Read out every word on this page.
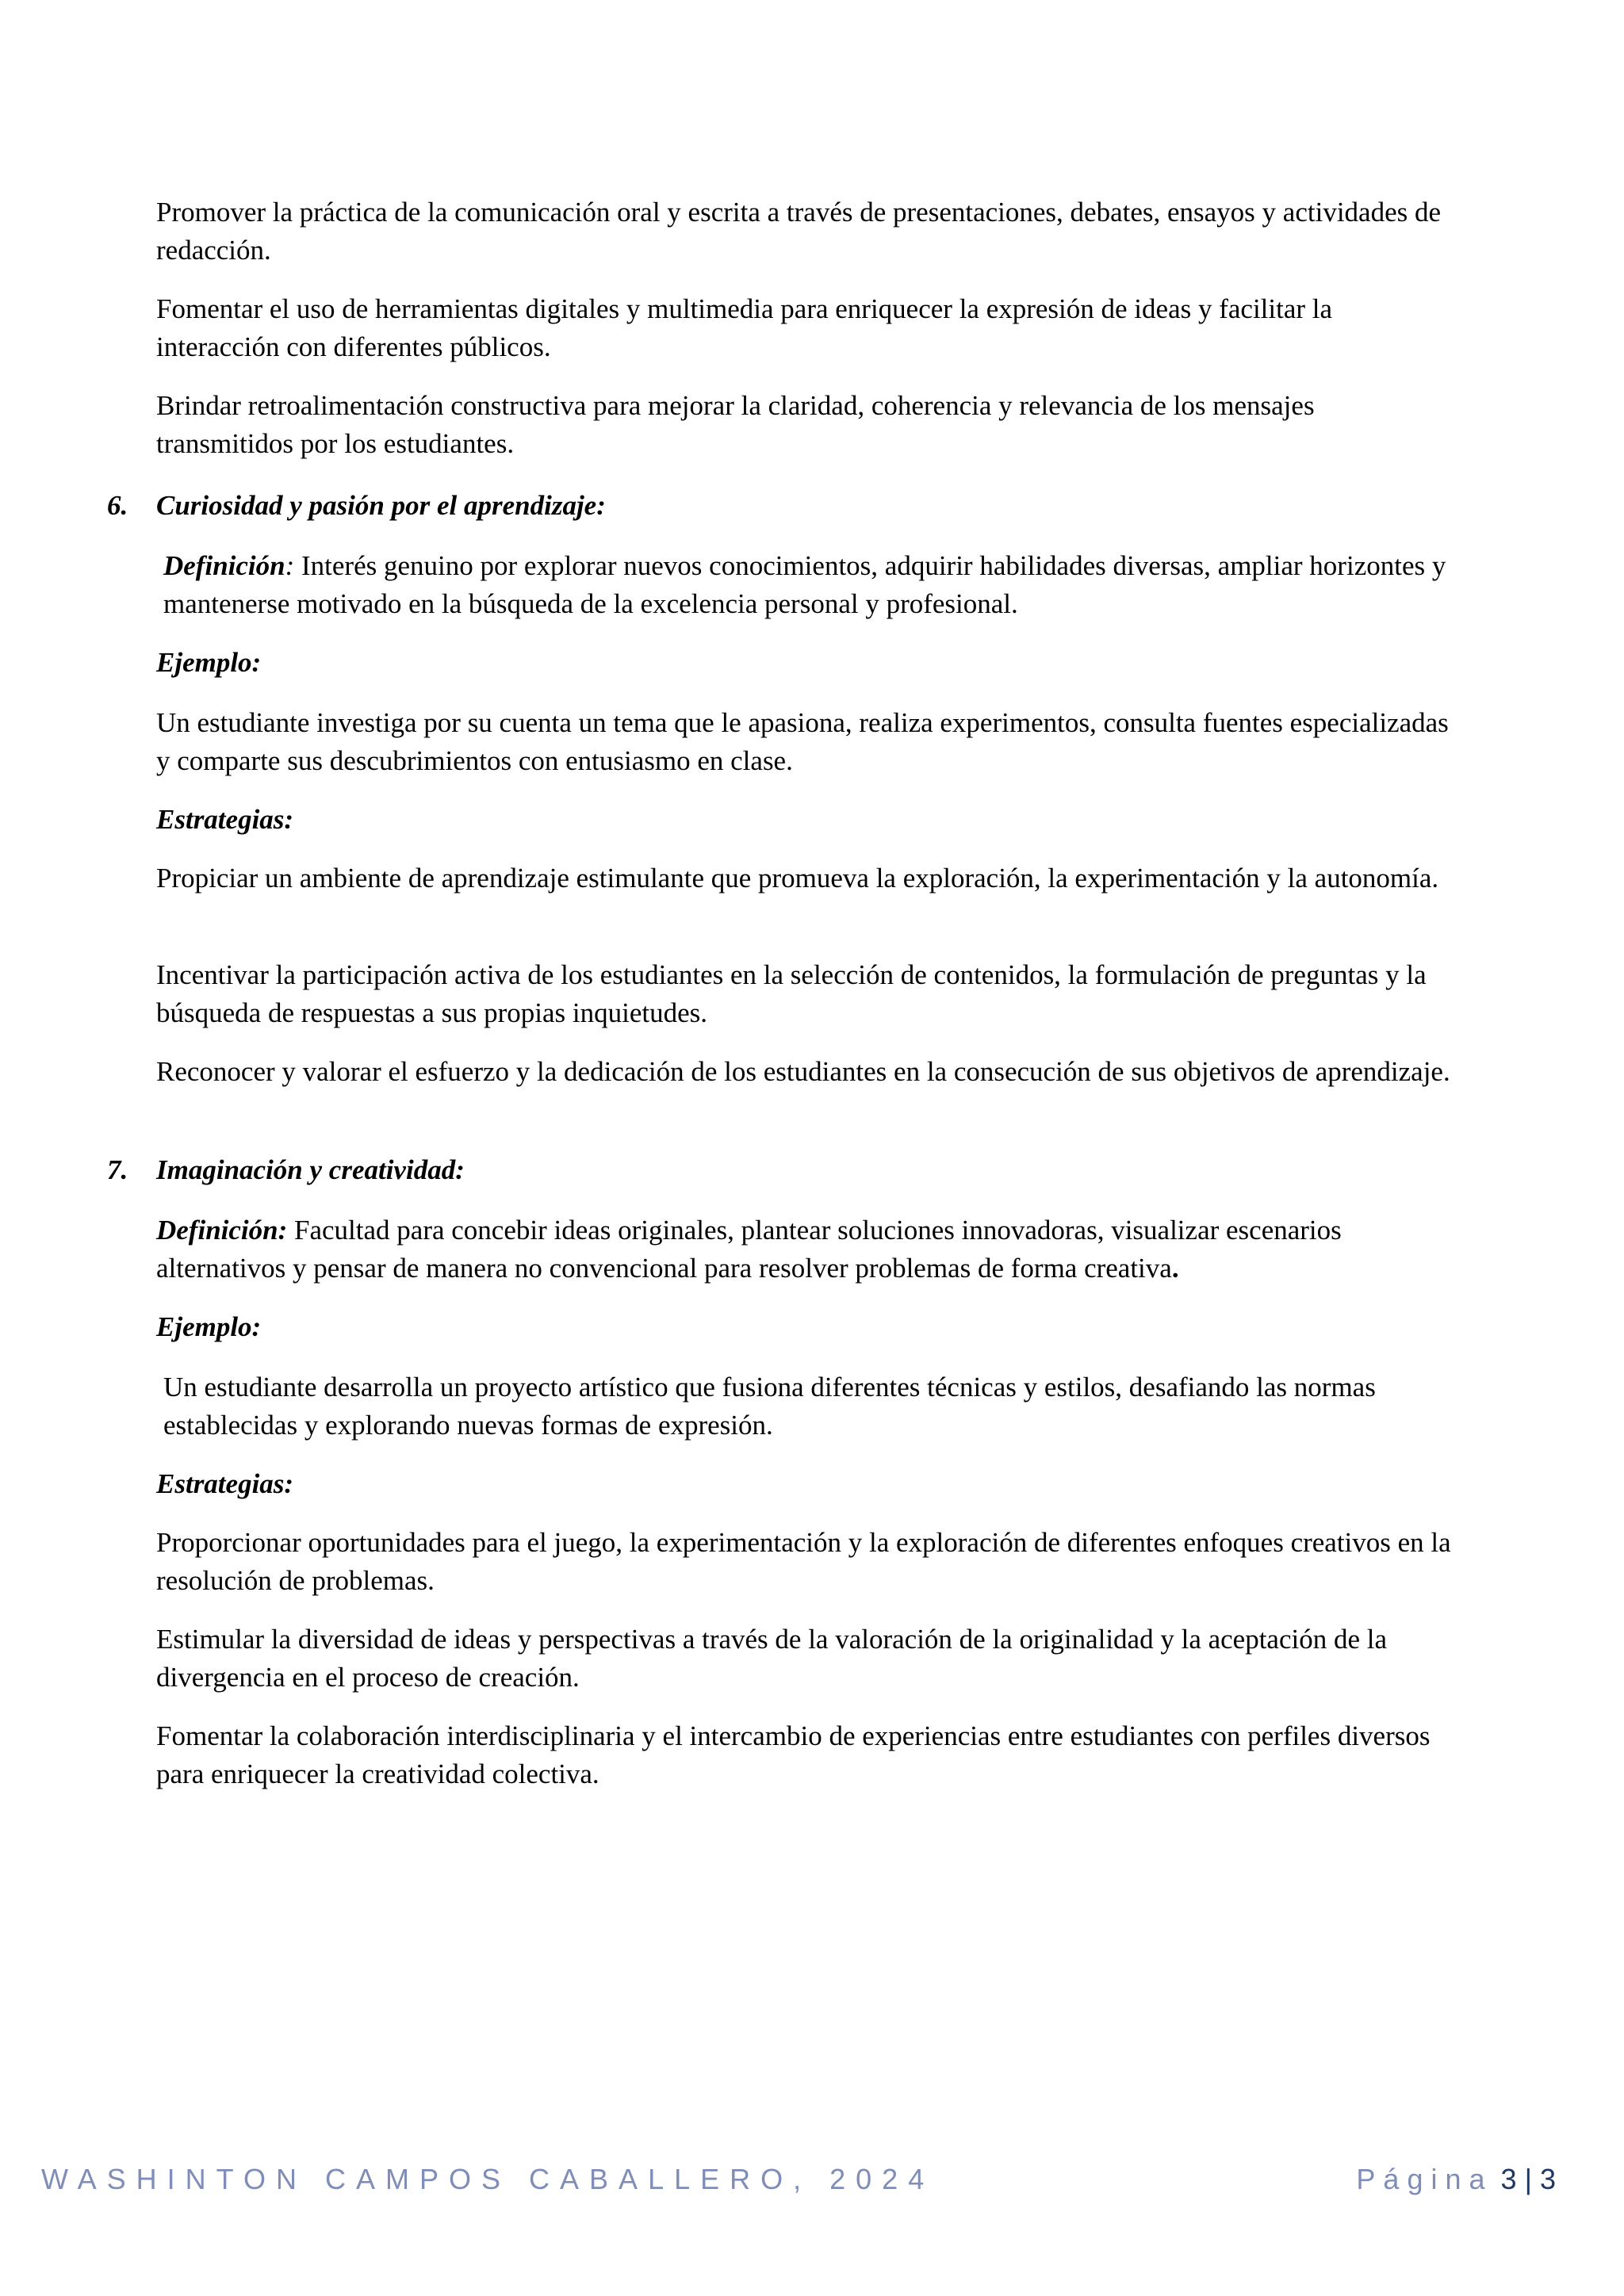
Promover la práctica de la comunicación oral y escrita a través de presentaciones, debates, ensayos y actividades de redacción.

Fomentar el uso de herramientas digitales y multimedia para enriquecer la expresión de ideas y facilitar la interacción con diferentes públicos.

Brindar retroalimentación constructiva para mejorar la claridad, coherencia y relevancia de los mensajes transmitidos por los estudiantes.

6. Curiosidad y pasión por el aprendizaje:

Definición: Interés genuino por explorar nuevos conocimientos, adquirir habilidades diversas, ampliar horizontes y mantenerse motivado en la búsqueda de la excelencia personal y profesional.

Ejemplo:

Un estudiante investiga por su cuenta un tema que le apasiona, realiza experimentos, consulta fuentes especializadas y comparte sus descubrimientos con entusiasmo en clase.

Estrategias:

Propiciar un ambiente de aprendizaje estimulante que promueva la exploración, la experimentación y la autonomía.

Incentivar la participación activa de los estudiantes en la selección de contenidos, la formulación de preguntas y la búsqueda de respuestas a sus propias inquietudes.

Reconocer y valorar el esfuerzo y la dedicación de los estudiantes en la consecución de sus objetivos de aprendizaje.

7. Imaginación y creatividad:

Definición: Facultad para concebir ideas originales, plantear soluciones innovadoras, visualizar escenarios alternativos y pensar de manera no convencional para resolver problemas de forma creativa.

Ejemplo:

Un estudiante desarrolla un proyecto artístico que fusiona diferentes técnicas y estilos, desafiando las normas establecidas y explorando nuevas formas de expresión.

Estrategias:

Proporcionar oportunidades para el juego, la experimentación y la exploración de diferentes enfoques creativos en la resolución de problemas.

Estimular la diversidad de ideas y perspectivas a través de la valoración de la originalidad y la aceptación de la divergencia en el proceso de creación.

Fomentar la colaboración interdisciplinaria y el intercambio de experiencias entre estudiantes con perfiles diversos para enriquecer la creatividad colectiva.

WASHINTON CAMPOS CABALLERO, 2024	Página 3 | 3
